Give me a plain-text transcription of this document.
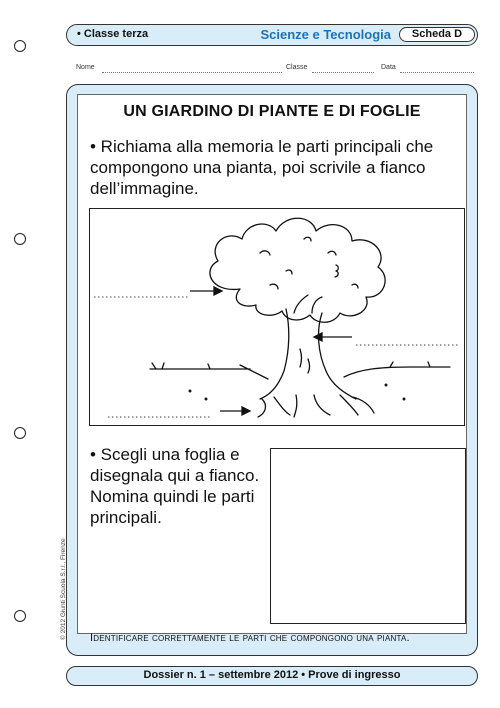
• Classe terza	Scienze e Tecnologia	Scheda D
Nome	Classe	Data
UN GIARDINO DI PIANTE E DI FOGLIE
• Richiama alla memoria le parti principali che compongono una pianta, poi scrivile a fianco dell’immagine.
• Scegli una foglia e disegnala qui a fianco. Nomina quindi le parti principali.
Identificare correttamente le parti che compongono una pianta.
Dossier n. 1 – settembre 2012 • Prove di ingresso
© 2012 Giunti Scuola S.r.l., Firenze
